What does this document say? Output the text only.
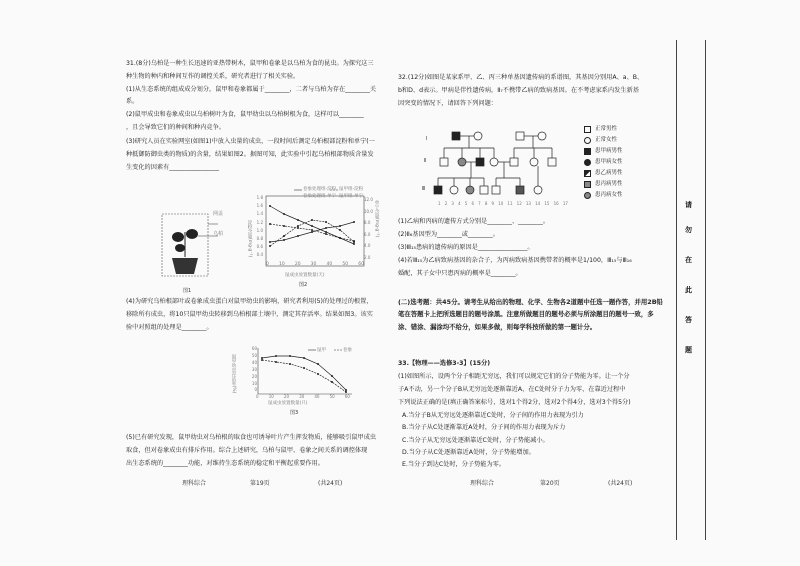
31.(8分)乌柏是一种生长迅速的亚热带树木，鼠甲和卷象是以乌柏为食的昆虫。为探究这三

种生物的种内和种间互作的调控关系，研究者进行了相关实验。

(1)从生态系统的组成成分划分，鼠甲和卷象都属于________，二者与乌柏为存在________关系。

(2)鼠甲成虫和卷象成虫以乌柏树叶为食，鼠甲幼虫以乌柏树根为食，这样可以________

，且会导致它们的种间和种内竞争。

(3)研究人员在实验网室(如图1)中放入虫量的成虫，一段时间后测定乌柏根部淀粉和单宁(一

种抵御防御虫类的物质)的含量，结果如图2。据图可知，此实验中引起乌柏根部物质含量发

生变化的因素有________________

网盖
乌柏
图1
卷象处理组-淀粉 鼠甲组-淀粉
卷象处理组-单宁 鼠甲组-单宁
鼠成虫放置数量(天)
图2
淀粉含量(mg·g⁻¹)
单宁含量(mg·g⁻¹)
0 10 20 30 40 50 60
1.8
1.6
1.4
1.2
1.0
0.8
0.6
0.4
12.0
10.0
8.0
6.0
4.0
2.0

(4)为研究乌柏根部叶或卷象成虫蛋白对鼠甲幼虫的影响，研究者利用(5)的处理过的根置，

移除所有成虫，将10只鼠甲幼虫转移到乌柏根部土壤中，测定其存活率。结果如图3。该实

验中对照组的处理是________。

鼠甲	卷象
鼠成虫放置数量(只)
图3
鼠甲幼虫存活率(%)
0	10	20	30	40	50	60
60
50
40
30
20
10
0

(5)已有研究发现，鼠甲幼虫对乌柏根的取食也可诱导叶片产生挥发物质，能够吸引鼠甲成虫

取食，但对卷象成虫有排斥作用。综合上述研究，乌柏与鼠甲、卷象之间关系的调控体现

出生态系统的________功能，对维持生态系统的稳定和平衡起重要作用。

理科综合	第19页	(共24页)

32.(12分)如图是某家系甲、乙、丙三种单基因遗传病的系谱图，其基因分别用A、a、B、

b和D、d表示。甲病是伴性遗传病，Ⅱ₇不携带乙病的致病基因。在不考虑家系内发生新基

因突变的情况下，请回答下列问题：

Ⅰ
Ⅱ
Ⅲ
1 2 3 4 5 6 7 8 9 10 11 12 13 14 15 16 17
正常男性
正常女性
患甲病男性
患甲病女性
患乙病男性
患丙病男性
患丙病女性

(1)乙病和丙病的遗传方式分别是________、________。

(2)Ⅱ₆基因型为________或________。

(3)Ⅲ₁₅患病的遗传病的原因是________________。

(4)若Ⅲ₁₅为乙病致病基因的杂合子，为丙病致病基因携带者的概率是1/100，Ⅲ₁₅与Ⅲ₁₆

婚配，其子女中只患丙病的概率是________。

(二)选考题：共45分。请考生从给出的物理、化学、生物各2道题中任选一题作答，并用2B铅笔在答题卡上把所选题目的题号涂黑。注意所做题目的题号必须与所涂题目的题号一致，多涂、错涂、漏涂均不给分，如果多做，则每学科按所做的第一题计分。

33.【物理——选修3-3】(15分)

(1)如图所示，设两个分子相距无穷远，我们可以规定它们的分子势能为零。让一个分

子A不动，另一个分子B从无穷远处逐渐靠近A，在C处时分子力为零，在靠近过程中

下列说法正确的是(填正确答案标号，选对1个得2分，选对2个得4分，选对3个得5分)

A.当分子B从无穷远处逐渐靠近C处时，分子间的作用力表现为引力

B.当分子从C处逐渐靠近A处时，分子间的作用力表现为斥力

C.当分子从无穷远处逐渐靠近C处时，分子势能减小。

D.当分子从C处逐渐靠近A处时，分子势能增加。

E.当分子到达C处时，分子势能为零。

理科综合	第20页	(共24页)
请
勿
在
此
答
题
